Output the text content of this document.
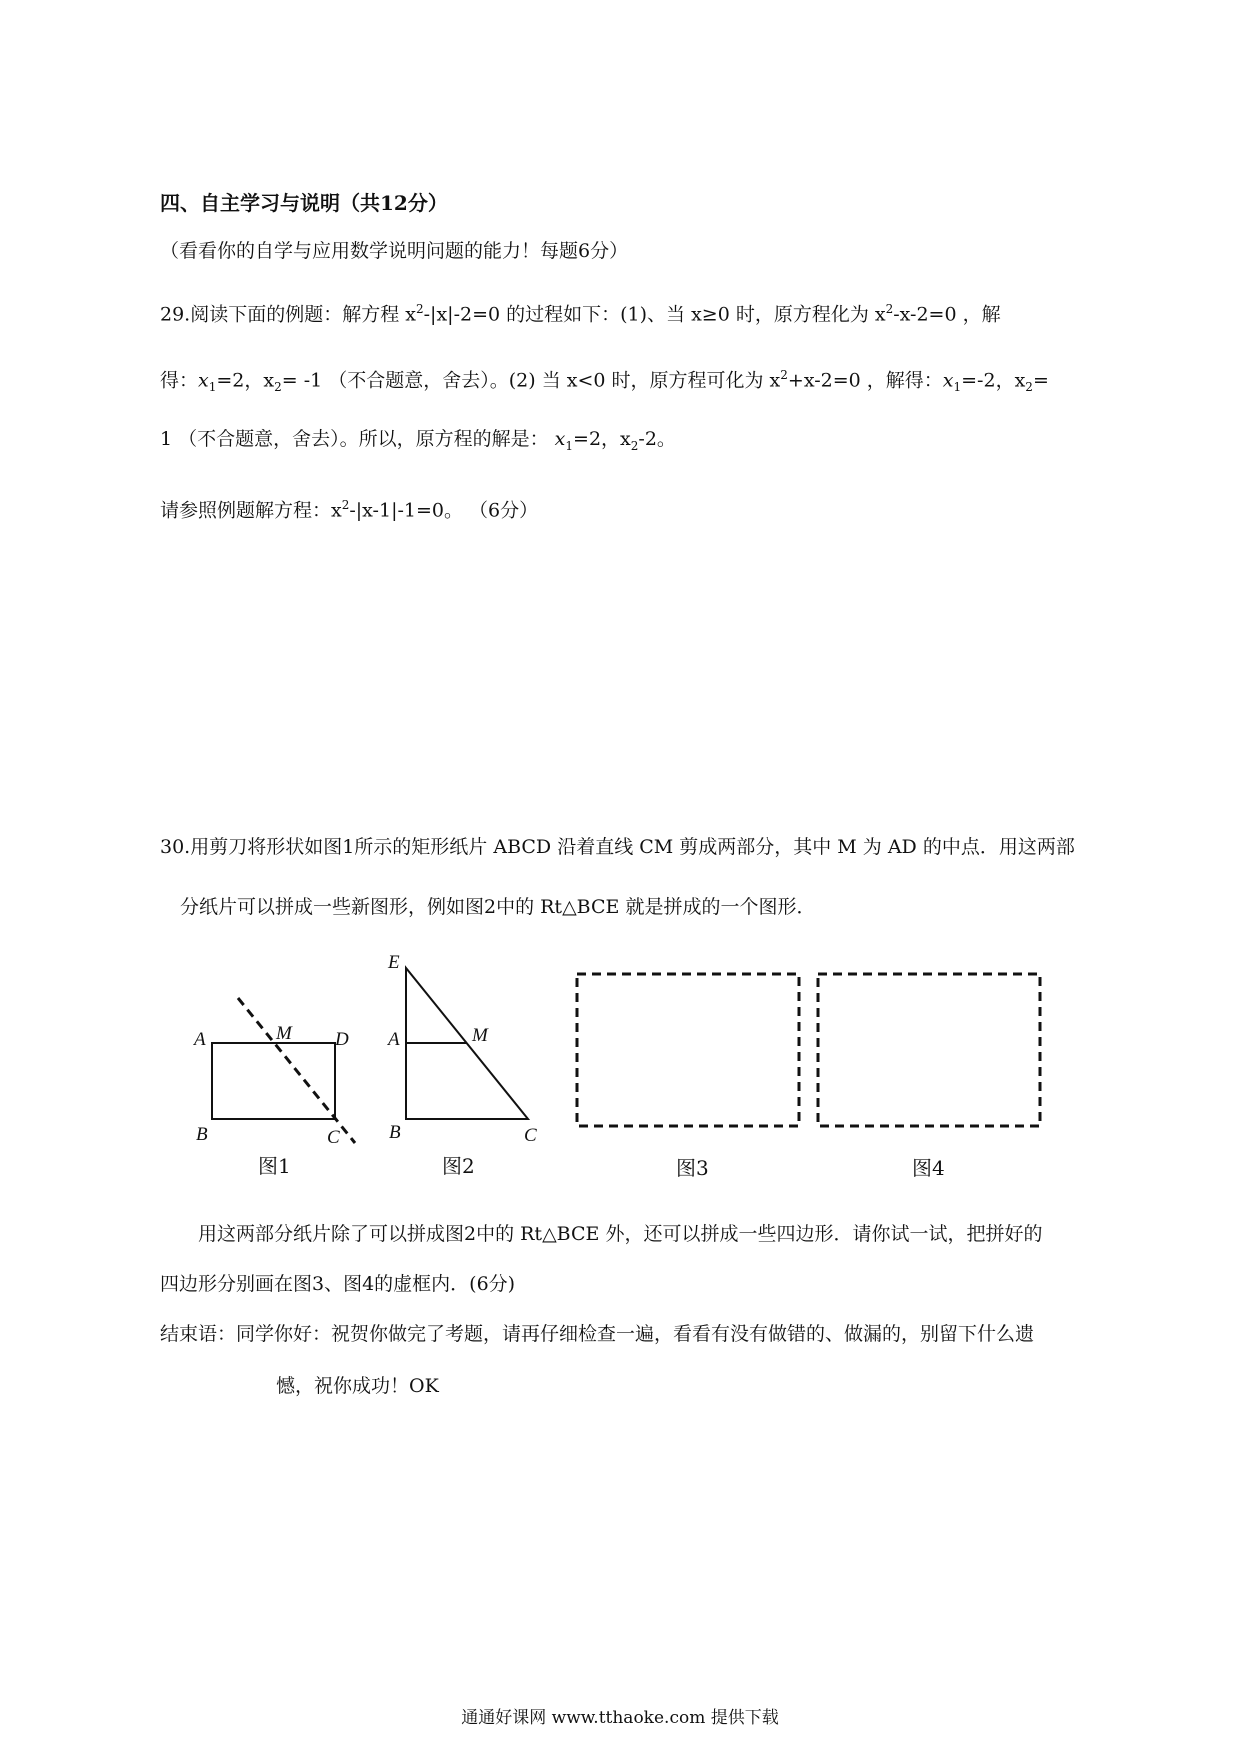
四、自主学习与说明（共12分）
（看看你的自学与应用数学说明问题的能力！每题6分）
29.阅读下面的例题：解方程 $x^2-|x|-2=0$ 的过程如下：(1)、当 x≥0 时，原方程化为 $x^2-x-2=0$ ，解
得：$x_1=2$，$x_2= -1$ （不合题意，舍去）。(2) 当 x<0 时，原方程可化为 $x^2+x-2=0$ ，解得：$x_1=-2$，$x_2=$
1 （不合题意，舍去）。所以，原方程的解是： $x_1=2$，$x_2-2$。
请参照例题解方程：$x^2-|x-1|-1=0$。 （6分）
30.用剪刀将形状如图1所示的矩形纸片 ABCD 沿着直线 CM 剪成两部分，其中 M 为 AD 的中点．用这两部
分纸片可以拼成一些新图形，例如图2中的 Rt△BCE 就是拼成的一个图形．
A	M D
B	C
E
A	M
B	C
图1	图2	图3	图4
用这两部分纸片除了可以拼成图2中的 Rt△BCE 外，还可以拼成一些四边形．请你试一试，把拼好的
四边形分别画在图3、图4的虚框内．(6分)
结束语：同学你好：祝贺你做完了考题，请再仔细检查一遍，看看有没有做错的、做漏的，别留下什么遗
憾，祝你成功！OK
通通好课网 www.tthaoke.com 提供下载
